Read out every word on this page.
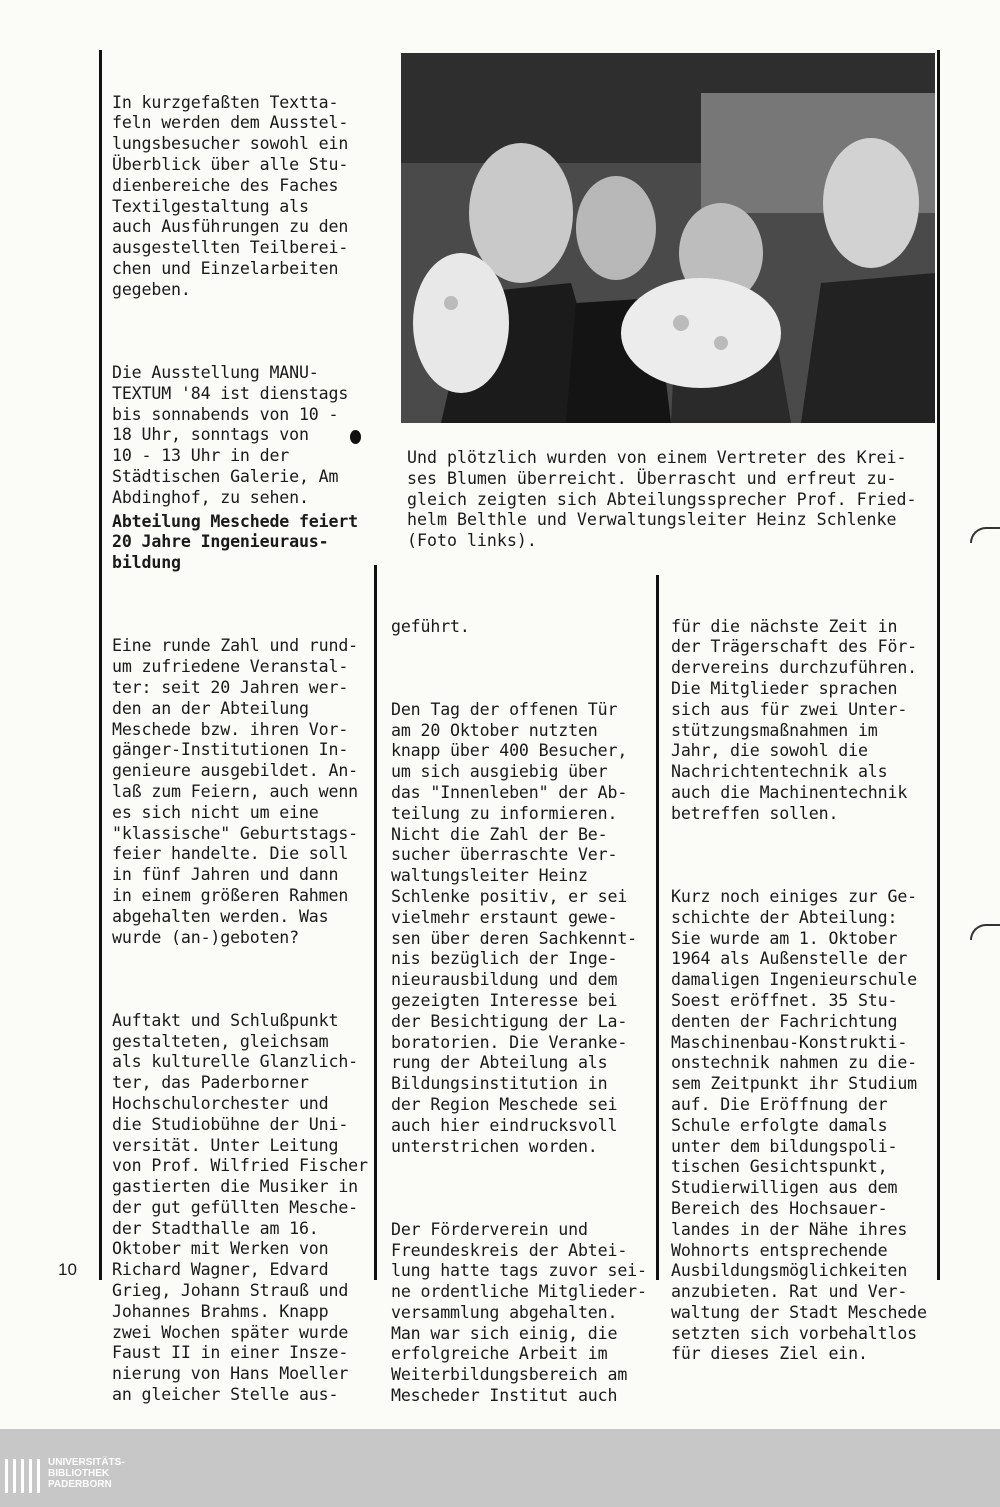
In kurzgefaßten Textta-
feln werden dem Ausstel-
lungsbesucher sowohl ein
Überblick über alle Stu-
dienbereiche des Faches
Textilgestaltung als
auch Ausführungen zu den
ausgestellten Teilberei-
chen und Einzelarbeiten
gegeben.

Die Ausstellung MANU-
TEXTUM '84 ist dienstags
bis sonnabends von 10 -
18 Uhr, sonntags von
10 - 13 Uhr in der
Städtischen Galerie, Am
Abdinghof, zu sehen.

Und plötzlich wurden von einem Vertreter des Krei-
ses Blumen überreicht. Überrascht und erfreut zu-
gleich zeigten sich Abteilungssprecher Prof. Fried-
helm Belthle und Verwaltungsleiter Heinz Schlenke
(Foto links).

Abteilung Meschede feiert
20 Jahre Ingenieuraus-
bildung

Eine runde Zahl und rund-
um zufriedene Veranstal-
ter: seit 20 Jahren wer-
den an der Abteilung
Meschede bzw. ihren Vor-
gänger-Institutionen In-
genieure ausgebildet. An-
laß zum Feiern, auch wenn
es sich nicht um eine
"klassische" Geburtstags-
feier handelte. Die soll
in fünf Jahren und dann
in einem größeren Rahmen
abgehalten werden. Was
wurde (an-)geboten?

Auftakt und Schlußpunkt
gestalteten, gleichsam
als kulturelle Glanzlich-
ter, das Paderborner
Hochschulorchester und
die Studiobühne der Uni-
versität. Unter Leitung
von Prof. Wilfried Fischer
gastierten die Musiker in
der gut gefüllten Mesche-
der Stadthalle am 16.
Oktober mit Werken von
Richard Wagner, Edvard
Grieg, Johann Strauß und
Johannes Brahms. Knapp
zwei Wochen später wurde
Faust II in einer Insze-
nierung von Hans Moeller
an gleicher Stelle aus-

geführt.

Den Tag der offenen Tür
am 20 Oktober nutzten
knapp über 400 Besucher,
um sich ausgiebig über
das "Innenleben" der Ab-
teilung zu informieren.
Nicht die Zahl der Be-
sucher überraschte Ver-
waltungsleiter Heinz
Schlenke positiv, er sei
vielmehr erstaunt gewe-
sen über deren Sachkennt-
nis bezüglich der Inge-
nieurausbildung und dem
gezeigten Interesse bei
der Besichtigung der La-
boratorien. Die Veranke-
rung der Abteilung als
Bildungsinstitution in
der Region Meschede sei
auch hier eindrucksvoll
unterstrichen worden.

Der Förderverein und
Freundeskreis der Abtei-
lung hatte tags zuvor sei-
ne ordentliche Mitglieder-
versammlung abgehalten.
Man war sich einig, die
erfolgreiche Arbeit im
Weiterbildungsbereich am
Mescheder Institut auch

für die nächste Zeit in
der Trägerschaft des För-
dervereins durchzuführen.
Die Mitglieder sprachen
sich aus für zwei Unter-
stützungsmaßnahmen im
Jahr, die sowohl die
Nachrichtentechnik als
auch die Machinentechnik
betreffen sollen.

Kurz noch einiges zur Ge-
schichte der Abteilung:
Sie wurde am 1. Oktober
1964 als Außenstelle der
damaligen Ingenieurschule
Soest eröffnet. 35 Stu-
denten der Fachrichtung
Maschinenbau-Konstrukti-
onstechnik nahmen zu die-
sem Zeitpunkt ihr Studium
auf. Die Eröffnung der
Schule erfolgte damals
unter dem bildungspoli-
tischen Gesichtspunkt,
Studierwilligen aus dem
Bereich des Hochsauer-
landes in der Nähe ihres
Wohnorts entsprechende
Ausbildungsmöglichkeiten
anzubieten. Rat und Ver-
waltung der Stadt Meschede
setzten sich vorbehaltlos
für dieses Ziel ein.

10
UNIVERSITÄTS-
BIBLIOTHEK
PADERBORN
